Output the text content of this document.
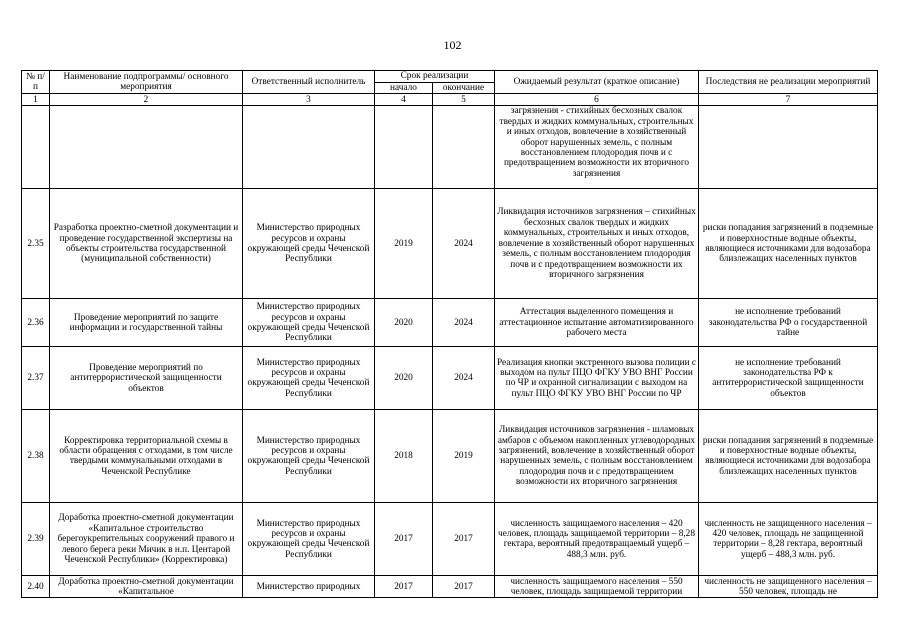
102
№ п/п	Наименование подпрограммы/ основного мероприятия	Ответственный исполнитель	Срок реализации		Ожидаемый результат (краткое описание)	Последствия не реализации мероприятий
			начало	окончание		
1	2	3	4	5	6	7
					загрязнения - стихийных бесхозных свалок твердых и жидких коммунальных, строительных и иных отходов, вовлечение в хозяйственный оборот нарушенных земель, с полным восстановлением плодородия почв и с предотвращением возможности их вторичного загрязнения	
2.35	Разработка проектно-сметной документации и проведение государственной экспертизы на объекты строительства государственной (муниципальной собственности)	Министерство природных ресурсов и охраны окружающей среды Чеченской Республики	2019	2024	Ликвидация источников загрязнения – стихийных бесхозных свалок твердых и жидких коммунальных, строительных и иных отходов, вовлечение в хозяйственный оборот нарушенных земель, с полным восстановлением плодородия почв и с предотвращением возможности их вторичного загрязнения	риски попадания загрязнений в подземные и поверхностные водные объекты, являющиеся источниками для водозабора близлежащих населенных пунктов
2.36	Проведение мероприятий по защите информации и государственной тайны	Министерство природных ресурсов и охраны окружающей среды Чеченской Республики	2020	2024	Аттестация выделенного помещения и аттестационное испытание автоматизированного рабочего места	не исполнение требований законодательства РФ о государственной тайне
2.37	Проведение мероприятий по антитеррористической защищенности объектов	Министерство природных ресурсов и охраны окружающей среды Чеченской Республики	2020	2024	Реализация кнопки экстренного вызова полиции с выходом на пульт ПЦО ФГКУ УВО ВНГ России по ЧР и охранной сигнализации с выходом на пульт ПЦО ФГКУ УВО ВНГ России по ЧР	не исполнение требований законодательства РФ к антитеррористической защищенности объектов
2.38	Корректировка территориальной схемы в области обращения с отходами, в том числе твердыми коммунальными отходами в Чеченской Республике	Министерство природных ресурсов и охраны окружающей среды Чеченской Республики	2018	2019	Ликвидация источников загрязнения - шламовых амбаров с объемом накопленных углеводородных загрязнений, вовлечение в хозяйственный оборот нарушенных земель, с полным восстановлением плодородия почв и с предотвращением возможности их вторичного загрязнения	риски попадания загрязнений в подземные и поверхностные водные объекты, являющиеся источниками для водозабора близлежащих населенных пунктов
2.39	Доработка проектно-сметной документации «Капитальное строительство берегоукрепительных сооружений правого и левого берега реки Мичик в н.п. Центарой Чеченской Республики» (Корректировка)	Министерство природных ресурсов и охраны окружающей среды Чеченской Республики	2017	2017	численность защищаемого населения – 420 человек, площадь защищаемой территории – 8,28 гектара, вероятный предотвращаемый ущерб – 488,3 млн. руб.	численность не защищенного населения – 420 человек, площадь не защищенной территории – 8,28 гектара, вероятный ущерб – 488,3 млн. руб.
2.40	Доработка проектно-сметной документации «Капитальное	Министерство природных	2017	2017	численность защищаемого населения – 550 человек, площадь защищаемой территории	численность не защищенного населения – 550 человек, площадь не
